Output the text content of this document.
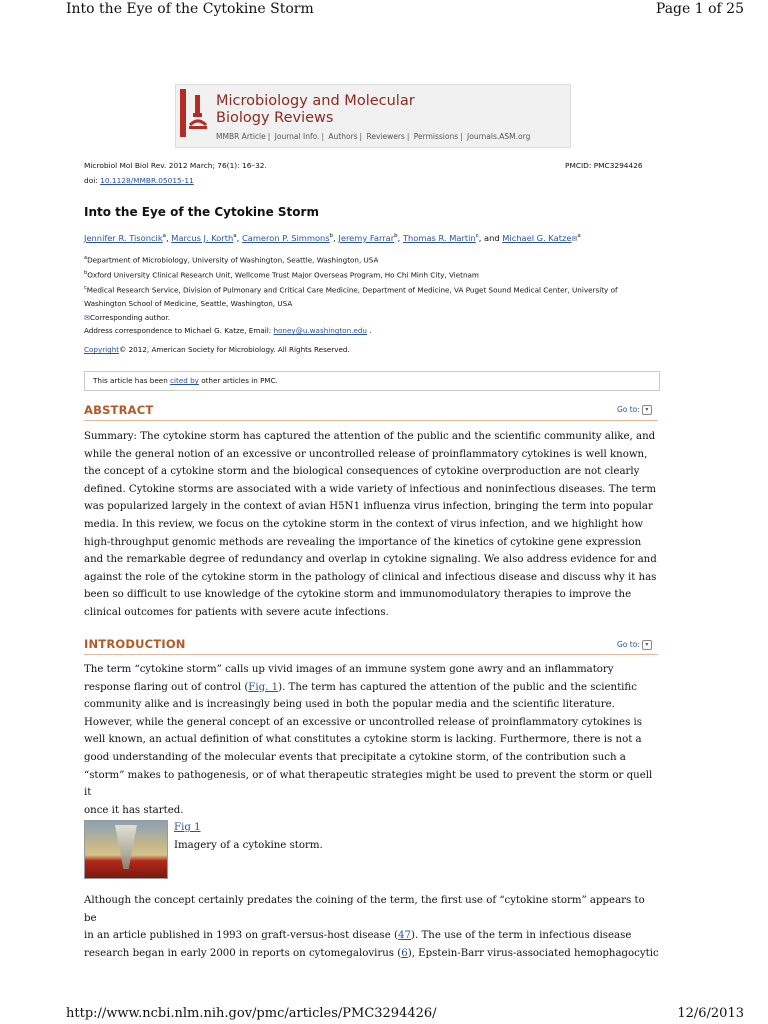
Into the Eye of the Cytokine Storm	Page 1 of 25
Microbiology and Molecular
Biology Reviews
MMBR Article | Journal Info. | Authors | Reviewers | Permissions | Journals.ASM.org
Microbiol Mol Biol Rev. 2012 March; 76(1): 16–32.	PMCID: PMC3294426
doi: 10.1128/MMBR.05015-11
Into the Eye of the Cytokine Storm
Jennifer R. Tisoncik$^a$, Marcus J. Korth$^a$, Cameron P. Simmons$^b$, Jeremy Farrar$^b$, Thomas R. Martin$^c$, and Michael G. Katze✉$^a$
$^a$Department of Microbiology, University of Washington, Seattle, Washington, USA
$^b$Oxford University Clinical Research Unit, Wellcome Trust Major Overseas Program, Ho Chi Minh City, Vietnam
$^c$Medical Research Service, Division of Pulmonary and Critical Care Medicine, Department of Medicine, VA Puget Sound Medical Center, University of
Washington School of Medicine, Seattle, Washington, USA
✉Corresponding author.
Address correspondence to Michael G. Katze, Email: honey@u.washington.edu .
Copyright© 2012, American Society for Microbiology. All Rights Reserved.
This article has been cited by other articles in PMC.
ABSTRACT	Go to: ▾
Summary: The cytokine storm has captured the attention of the public and the scientific community alike, and
while the general notion of an excessive or uncontrolled release of proinflammatory cytokines is well known,
the concept of a cytokine storm and the biological consequences of cytokine overproduction are not clearly
defined. Cytokine storms are associated with a wide variety of infectious and noninfectious diseases. The term
was popularized largely in the context of avian H5N1 influenza virus infection, bringing the term into popular
media. In this review, we focus on the cytokine storm in the context of virus infection, and we highlight how
high-throughput genomic methods are revealing the importance of the kinetics of cytokine gene expression
and the remarkable degree of redundancy and overlap in cytokine signaling. We also address evidence for and
against the role of the cytokine storm in the pathology of clinical and infectious disease and discuss why it has
been so difficult to use knowledge of the cytokine storm and immunomodulatory therapies to improve the
clinical outcomes for patients with severe acute infections.
INTRODUCTION	Go to: ▾
The term “cytokine storm” calls up vivid images of an immune system gone awry and an inflammatory
response flaring out of control (Fig. 1). The term has captured the attention of the public and the scientific
community alike and is increasingly being used in both the popular media and the scientific literature.
However, while the general concept of an excessive or uncontrolled release of proinflammatory cytokines is
well known, an actual definition of what constitutes a cytokine storm is lacking. Furthermore, there is not a
good understanding of the molecular events that precipitate a cytokine storm, of the contribution such a
“storm” makes to pathogenesis, or of what therapeutic strategies might be used to prevent the storm or quell it
once it has started.
Fig 1
Imagery of a cytokine storm.
Although the concept certainly predates the coining of the term, the first use of “cytokine storm” appears to be
in an article published in 1993 on graft-versus-host disease (47). The use of the term in infectious disease
research began in early 2000 in reports on cytomegalovirus (6), Epstein-Barr virus-associated hemophagocytic
http://www.ncbi.nlm.nih.gov/pmc/articles/PMC3294426/	12/6/2013
